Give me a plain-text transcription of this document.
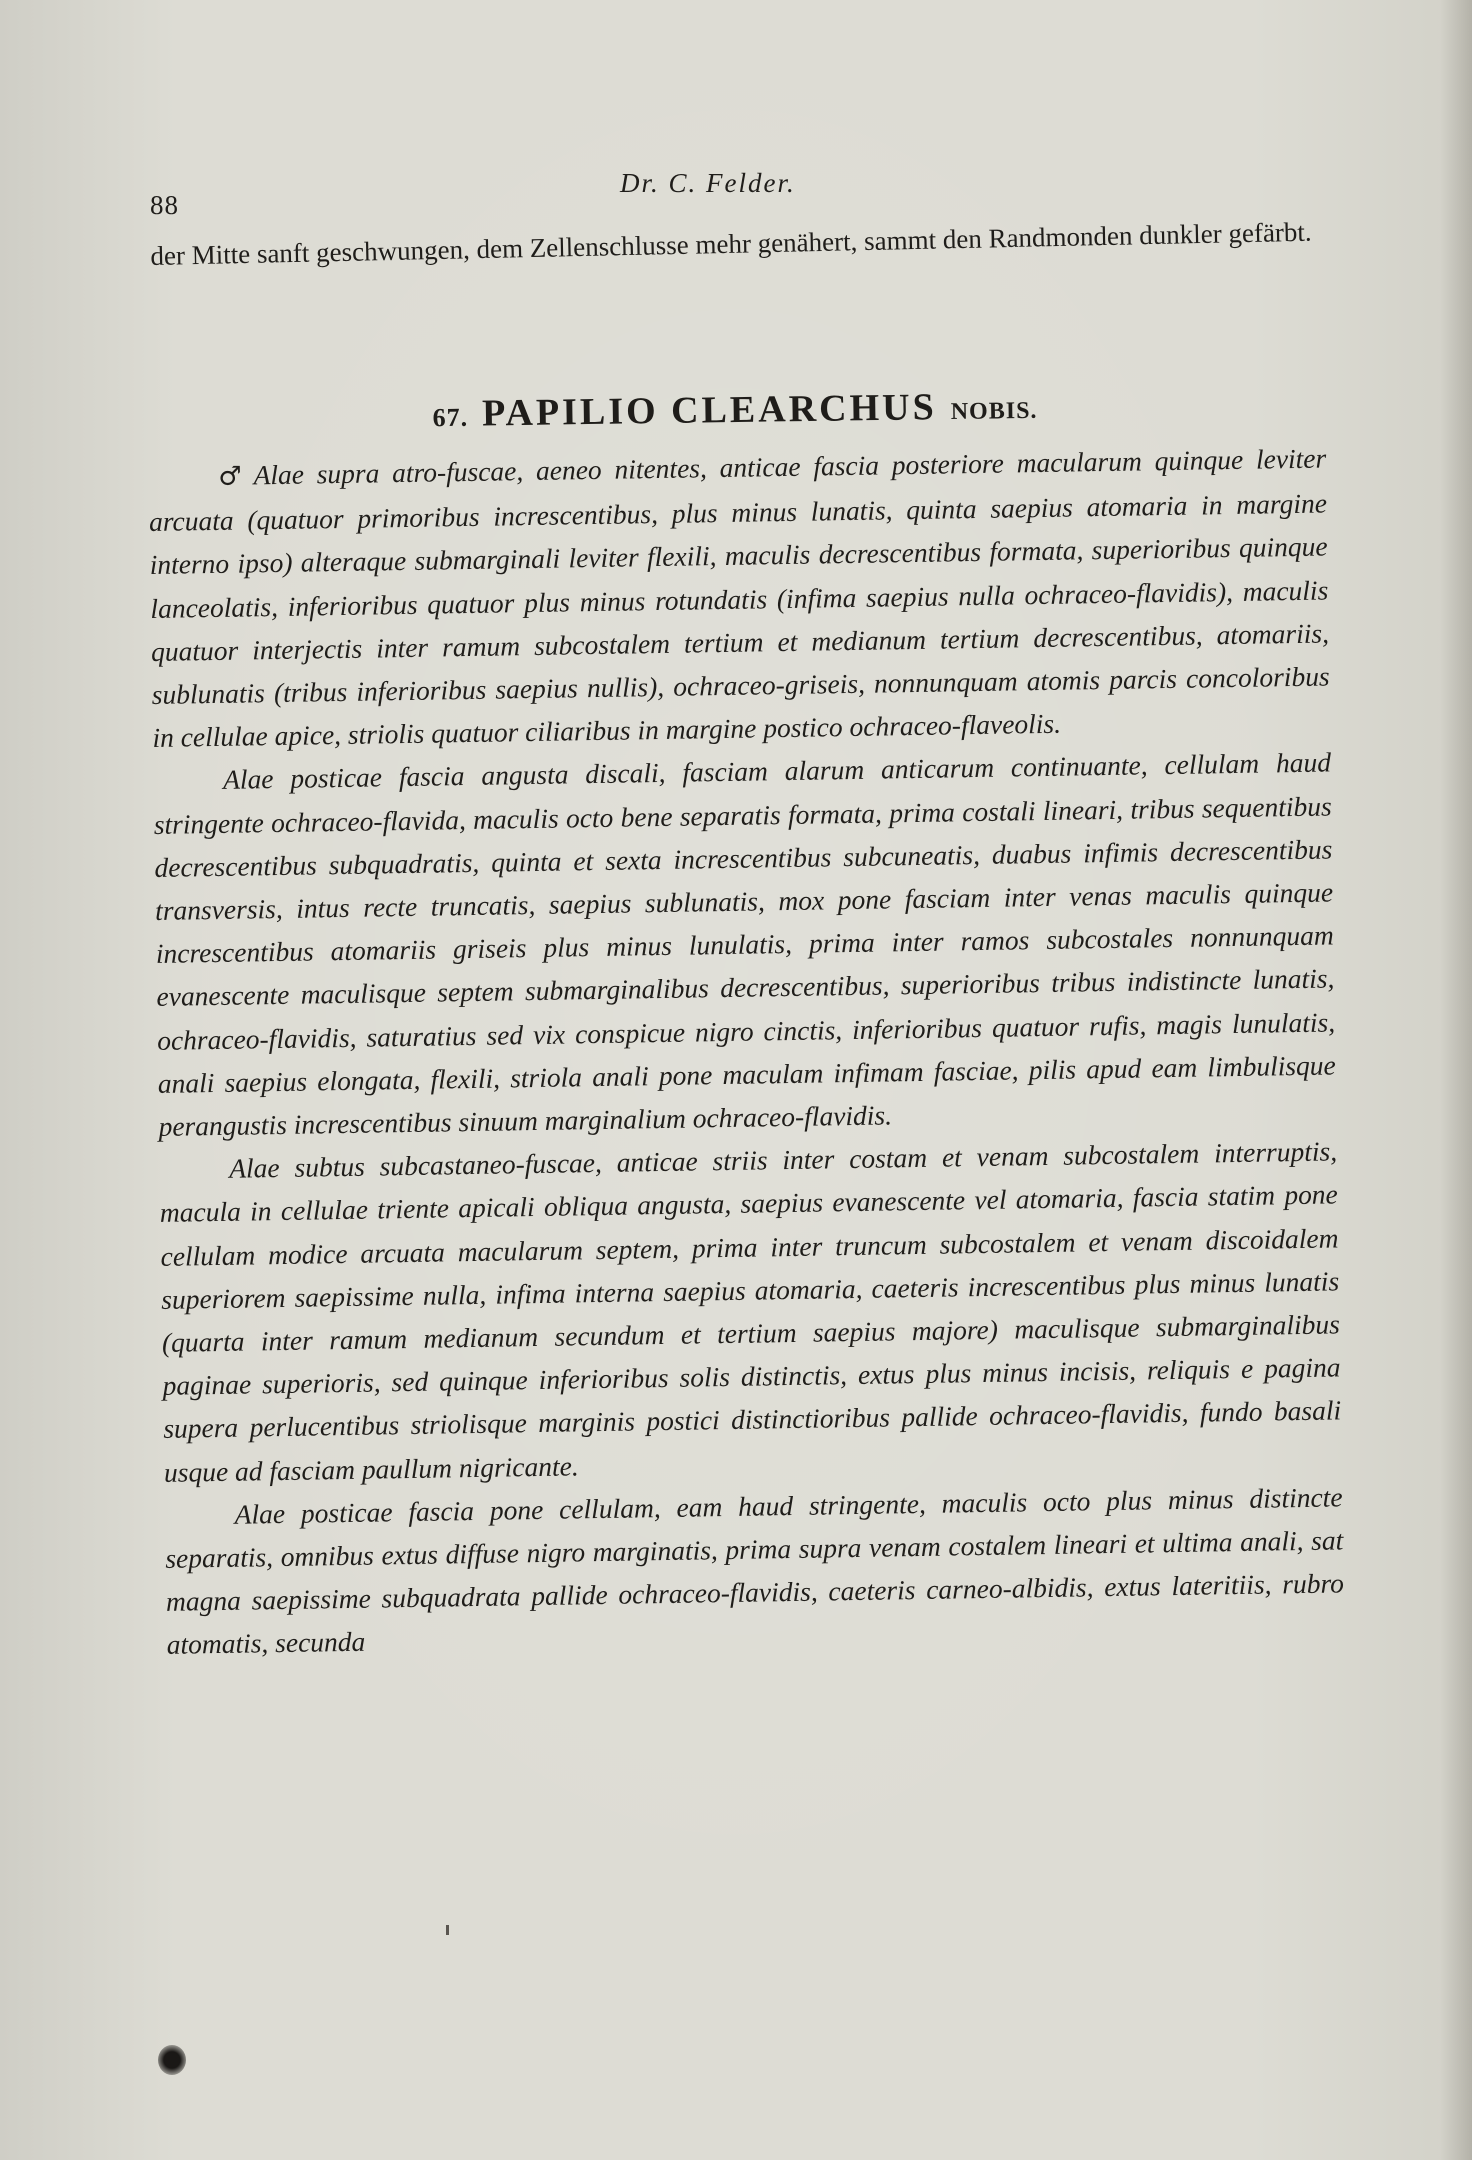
88
Dr. C. Felder.
der Mitte sanft geschwungen, dem Zellenschlusse mehr genähert, sammt den Randmonden dunkler gefärbt.
67. PAPILIO CLEARCHUS NOBIS.

♂ Alae supra atro-fuscae, aeneo nitentes, anticae fascia posteriore macularum quinque leviter arcuata (quatuor primoribus increscentibus, plus minus lunatis, quinta saepius atomaria in margine interno ipso) alteraque submarginali leviter flexili, maculis decrescentibus formata, superioribus quinque lanceolatis, inferioribus quatuor plus minus rotundatis (infima saepius nulla ochraceo-flavidis), maculis quatuor interjectis inter ramum subcostalem tertium et medianum tertium decrescentibus, atomariis, sublunatis (tribus inferioribus saepius nullis), ochraceo-griseis, nonnunquam atomis parcis concoloribus in cellulae apice, striolis quatuor ciliaribus in margine postico ochraceo-flaveolis.

Alae posticae fascia angusta discali, fasciam alarum anticarum continuante, cellulam haud stringente ochraceo-flavida, maculis octo bene separatis formata, prima costali lineari, tribus sequentibus decrescentibus subquadratis, quinta et sexta increscentibus subcuneatis, duabus infimis decrescentibus transversis, intus recte truncatis, saepius sublunatis, mox pone fasciam inter venas maculis quinque increscentibus atomariis griseis plus minus lunulatis, prima inter ramos subcostales nonnunquam evanescente maculisque septem submarginalibus decrescentibus, superioribus tribus indistincte lunatis, ochraceo-flavidis, saturatius sed vix conspicue nigro cinctis, inferioribus quatuor rufis, magis lunulatis, anali saepius elongata, flexili, striola anali pone maculam infimam fasciae, pilis apud eam limbulisque perangustis increscentibus sinuum marginalium ochraceo-flavidis.

Alae subtus subcastaneo-fuscae, anticae striis inter costam et venam subcostalem interruptis, macula in cellulae triente apicali obliqua angusta, saepius evanescente vel atomaria, fascia statim pone cellulam modice arcuata macularum septem, prima inter truncum subcostalem et venam discoidalem superiorem saepissime nulla, infima interna saepius atomaria, caeteris increscentibus plus minus lunatis (quarta inter ramum medianum secundum et tertium saepius majore) maculisque submarginalibus paginae superioris, sed quinque inferioribus solis distinctis, extus plus minus incisis, reliquis e pagina supera perlucentibus striolisque marginis postici distinctioribus pallide ochraceo-flavidis, fundo basali usque ad fasciam paullum nigricante.

Alae posticae fascia pone cellulam, eam haud stringente, maculis octo plus minus distincte separatis, omnibus extus diffuse nigro marginatis, prima supra venam costalem lineari et ultima anali, sat magna saepissime subquadrata pallide ochraceo-flavidis, caeteris carneo-albidis, extus lateritiis, rubro atomatis, secunda
